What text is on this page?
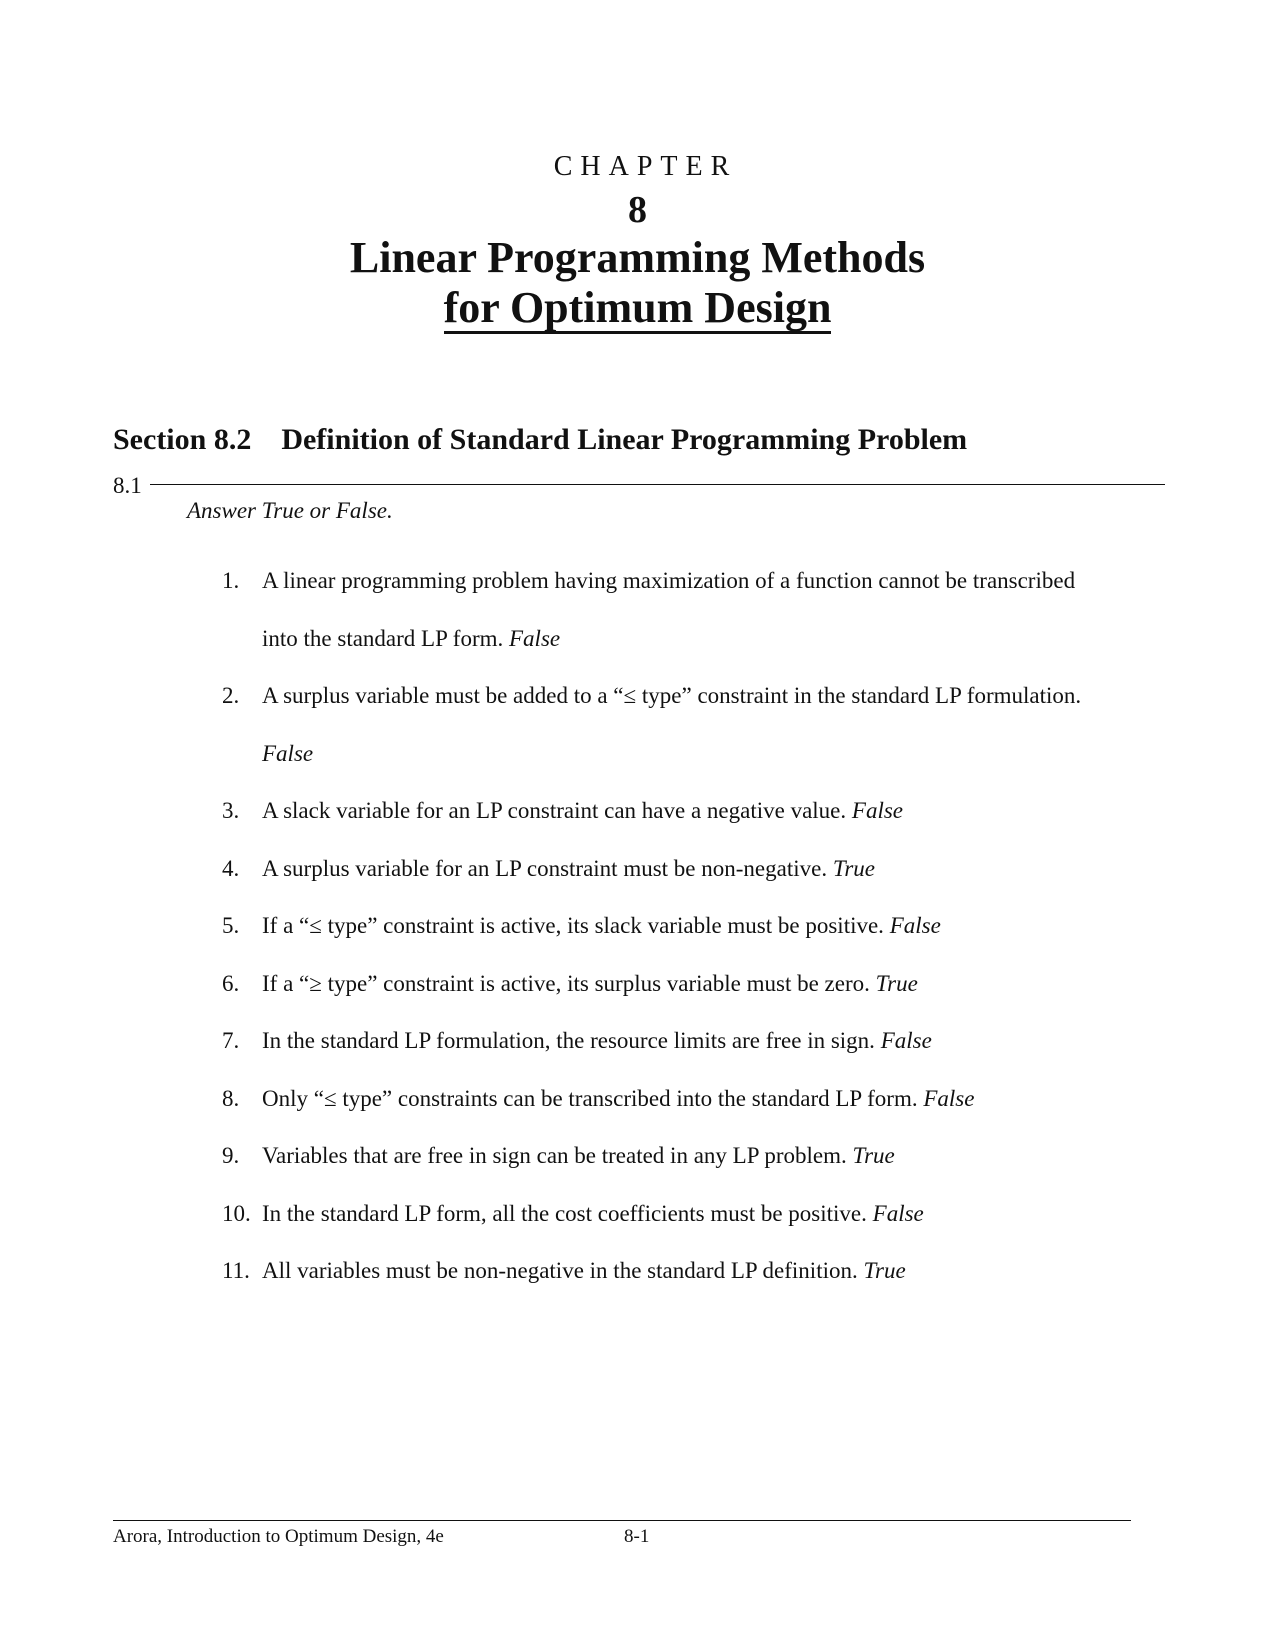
CHAPTER
8
Linear Programming Methods
for Optimum Design
Section 8.2 Definition of Standard Linear Programming Problem
8.1
Answer True or False.
1. A linear programming problem having maximization of a function cannot be transcribed
into the standard LP form. False
2. A surplus variable must be added to a “≤ type” constraint in the standard LP formulation.
False
3. A slack variable for an LP constraint can have a negative value. False
4. A surplus variable for an LP constraint must be non-negative. True
5. If a “≤ type” constraint is active, its slack variable must be positive. False
6. If a “≥ type” constraint is active, its surplus variable must be zero. True
7. In the standard LP formulation, the resource limits are free in sign. False
8. Only “≤ type” constraints can be transcribed into the standard LP form. False
9. Variables that are free in sign can be treated in any LP problem. True
10. In the standard LP form, all the cost coefficients must be positive. False
11. All variables must be non-negative in the standard LP definition. True
Arora, Introduction to Optimum Design, 4e	8-1
